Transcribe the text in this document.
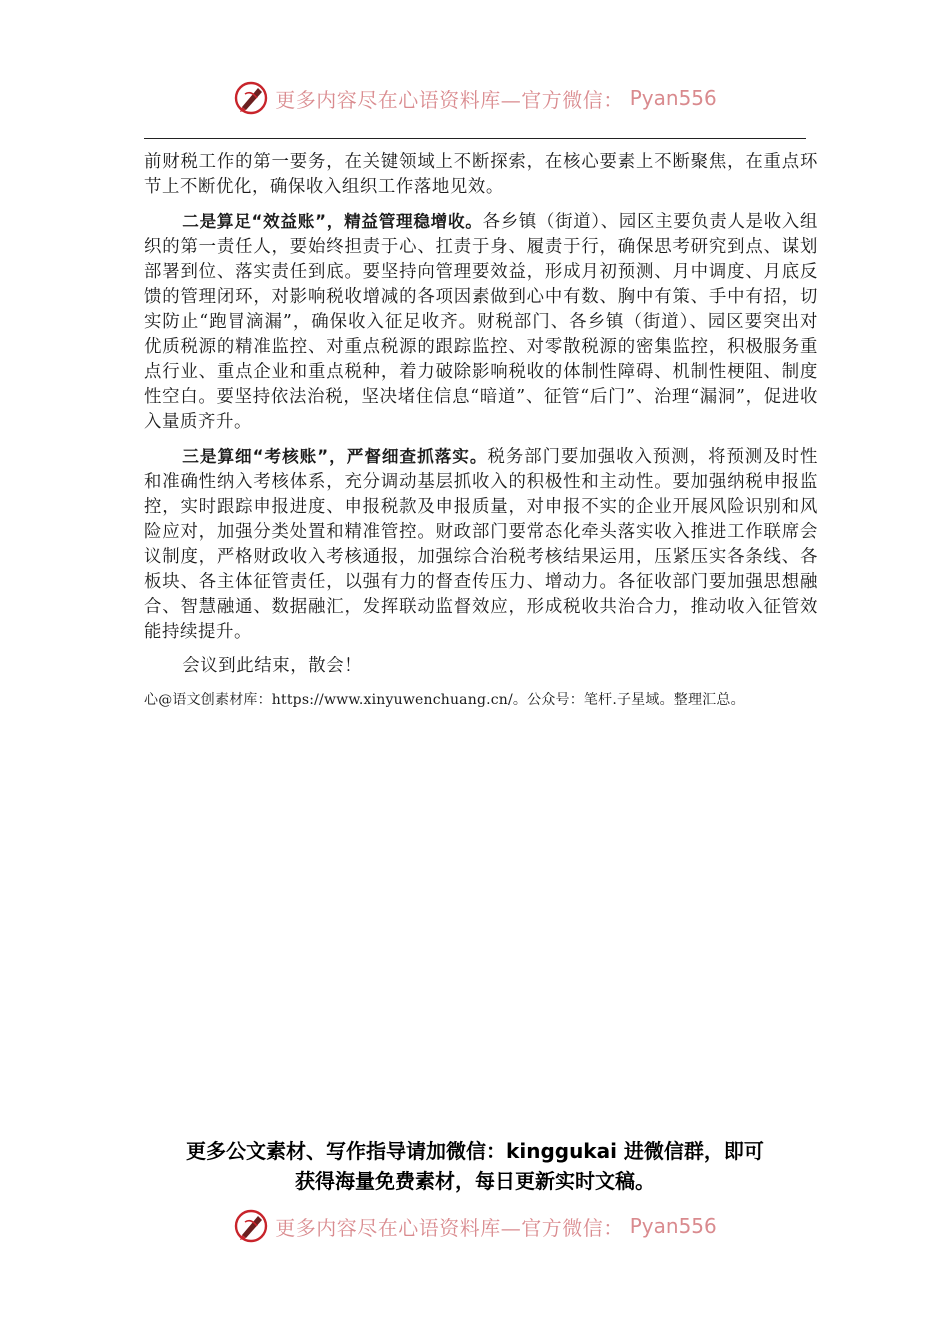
更多内容尽在心语资料库—官方微信： Pyan556

前财税工作的第一要务，在关键领域上不断探索，在核心要素上不断聚焦，在重点环节上不断优化，确保收入组织工作落地见效。

二是算足“效益账”，精益管理稳增收。各乡镇（街道）、园区主要负责人是收入组织的第一责任人，要始终担责于心、扛责于身、履责于行，确保思考研究到点、谋划部署到位、落实责任到底。要坚持向管理要效益，形成月初预测、月中调度、月底反馈的管理闭环，对影响税收增减的各项因素做到心中有数、胸中有策、手中有招，切实防止“跑冒滴漏”，确保收入征足收齐。财税部门、各乡镇（街道）、园区要突出对优质税源的精准监控、对重点税源的跟踪监控、对零散税源的密集监控，积极服务重点行业、重点企业和重点税种，着力破除影响税收的体制性障碍、机制性梗阻、制度性空白。要坚持依法治税，坚决堵住信息“暗道”、征管“后门”、治理“漏洞”，促进收入量质齐升。

三是算细“考核账”，严督细查抓落实。税务部门要加强收入预测，将预测及时性和准确性纳入考核体系，充分调动基层抓收入的积极性和主动性。要加强纳税申报监控，实时跟踪申报进度、申报税款及申报质量，对申报不实的企业开展风险识别和风险应对，加强分类处置和精准管控。财政部门要常态化牵头落实收入推进工作联席会议制度，严格财政收入考核通报，加强综合治税考核结果运用，压紧压实各条线、各板块、各主体征管责任，以强有力的督查传压力、增动力。各征收部门要加强思想融合、智慧融通、数据融汇，发挥联动监督效应，形成税收共治合力，推动收入征管效能持续提升。

会议到此结束，散会！

心@语文创素材库：https://www.xinyuwenchuang.cn/。公众号：笔杆.子星域。整理汇总。
更多公文素材、写作指导请加微信：kinggukai 进微信群，即可
获得海量免费素材，每日更新实时文稿。
更多内容尽在心语资料库—官方微信： Pyan556
